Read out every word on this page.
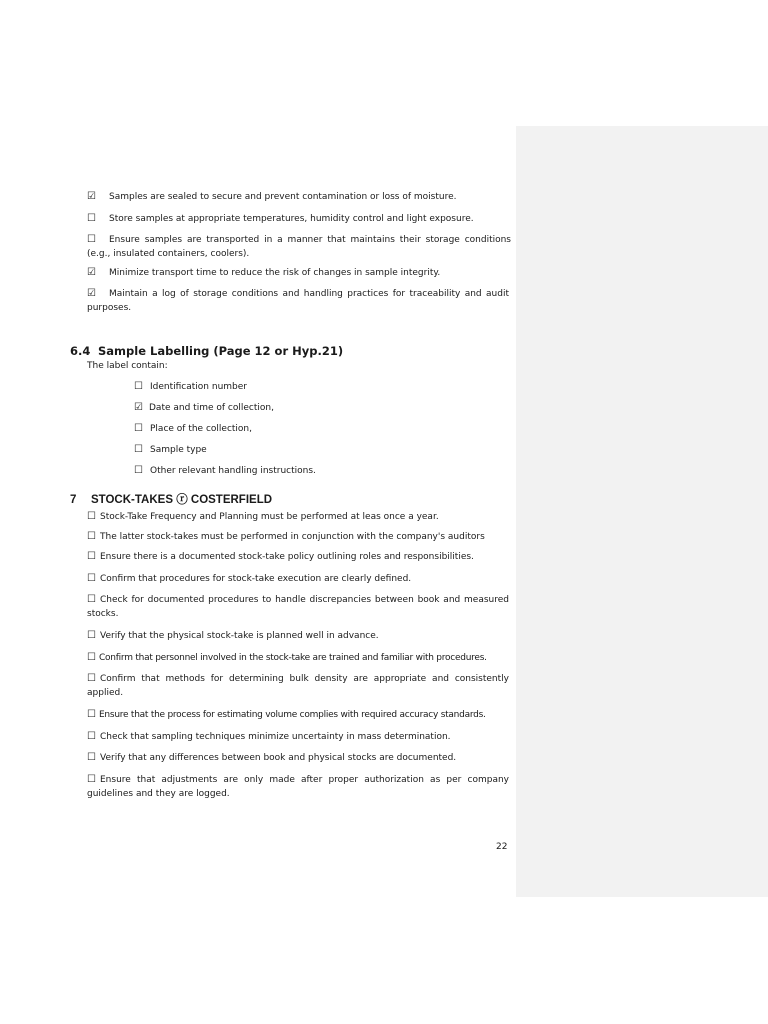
☑ Samples are sealed to secure and prevent contamination or loss of moisture.

☐ Store samples at appropriate temperatures, humidity control and light exposure.

☐ Ensure samples are transported in a manner that maintains their storage conditions (e.g., insulated containers, coolers).

☑ Minimize transport time to reduce the risk of changes in sample integrity.

☑ Maintain a log of storage conditions and handling practices for traceability and audit purposes.

6.4 Sample Labelling (Page 12 or Hyp.21)

The label contain:

☐ Identification number

☑ Date and time of collection,

☐ Place of the collection,

☐ Sample type

☐ Other relevant handling instructions.

7 STOCK-TAKES ⓡ COSTERFIELD

☐ Stock-Take Frequency and Planning must be performed at leas once a year.

☐ The latter stock-takes must be performed in conjunction with the company's auditors

☐ Ensure there is a documented stock-take policy outlining roles and responsibilities.

☐ Confirm that procedures for stock-take execution are clearly defined.

☐ Check for documented procedures to handle discrepancies between book and measured stocks.

☐ Verify that the physical stock-take is planned well in advance.

☐ Confirm that personnel involved in the stock-take are trained and familiar with procedures.

☐ Confirm that methods for determining bulk density are appropriate and consistently applied.

☐ Ensure that the process for estimating volume complies with required accuracy standards.

☐ Check that sampling techniques minimize uncertainty in mass determination.

☐ Verify that any differences between book and physical stocks are documented.

☐ Ensure that adjustments are only made after proper authorization as per company guidelines and they are logged.

22
